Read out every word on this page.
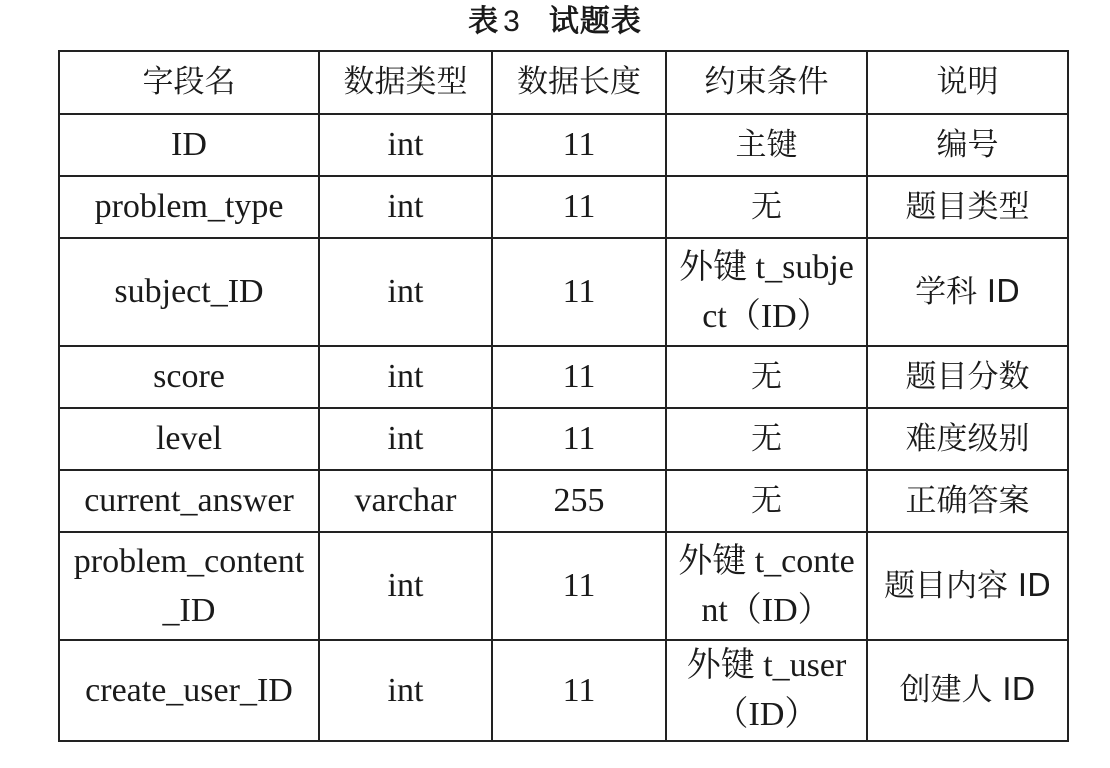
表 3 试题表
字段名	数据类型	数据长度	约束条件	说明
ID	int	11	主键	编号
problem_type	int	11	无	题目类型
subject_ID	int	11	外键 t_subject（ID）	学科 ID
score	int	11	无	题目分数
level	int	11	无	难度级别
current_answer	varchar	255	无	正确答案
problem_content_ID	int	11	外键 t_content（ID）	题目内容 ID
create_user_ID	int	11	外键 t_user（ID）	创建人 ID
